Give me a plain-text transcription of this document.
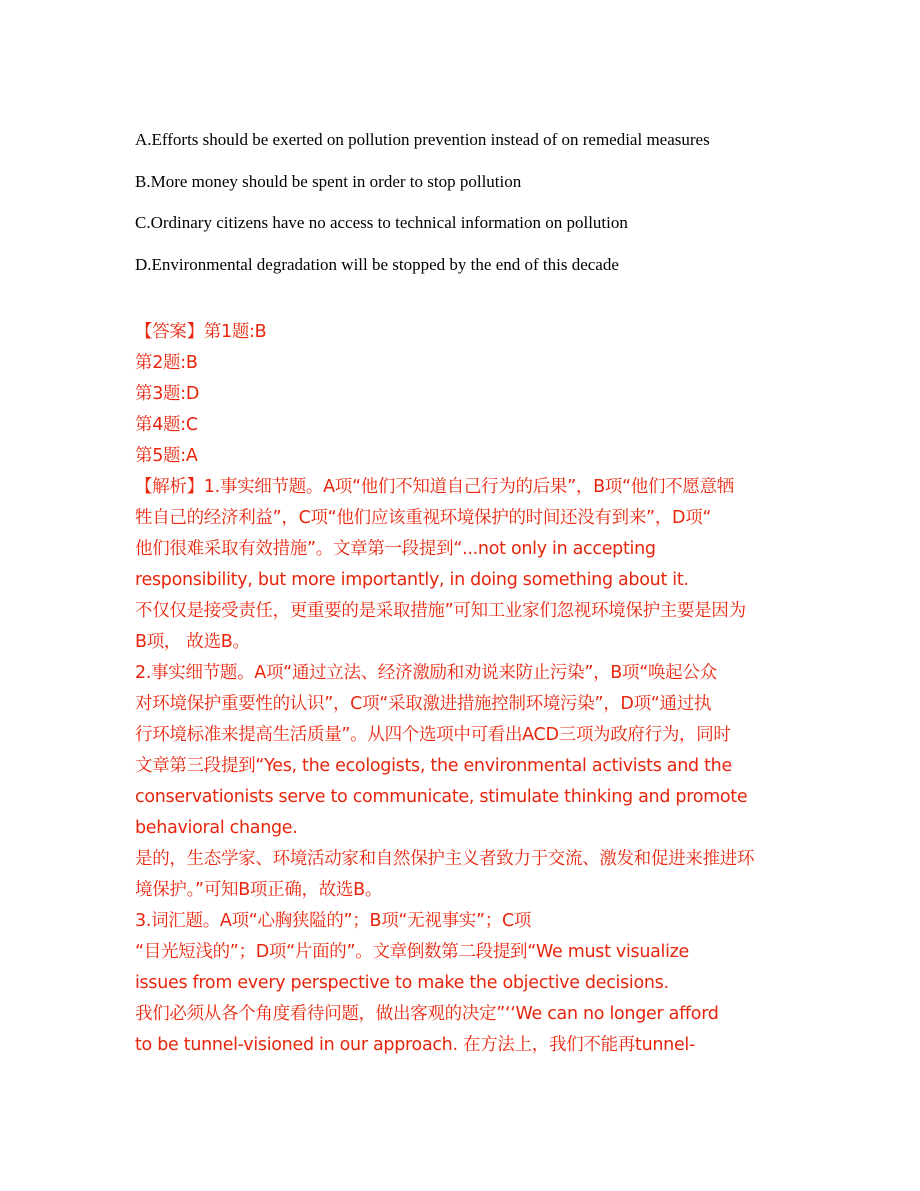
A.Efforts should be exerted on pollution prevention instead of on remedial measures
B.More money should be spent in order to stop pollution
C.Ordinary citizens have no access to technical information on pollution
D.Environmental degradation will be stopped by the end of this decade
【答案】第1题:B
第2题:B
第3题:D
第4题:C
第5题:A
【解析】1.事实细节题。A项“他们不知道自己行为的后果”，B项“他们不愿意牺
牲自己的经济利益”，C项“他们应该重视环境保护的时间还没有到来”，D项“
他们很难采取有效措施”。文章第一段提到“...not only in accepting
responsibility, but more importantly, in doing something about it.
不仅仅是接受责任，更重要的是采取措施”可知工业家们忽视环境保护主要是因为
B项， 故选B。
2.事实细节题。A项“通过立法、经济激励和劝说来防止污染”，B项“唤起公众
对环境保护重要性的认识”，C项“采取激进措施控制环境污染”，D项“通过执
行环境标准来提高生活质量”。从四个选项中可看出ACD三项为政府行为，同时
文章第三段提到“Yes, the ecologists, the environmental activists and the
conservationists serve to communicate, stimulate thinking and promote
behavioral change.
是的，生态学家、环境活动家和自然保护主义者致力于交流、激发和促进来推进环
境保护。”可知B项正确，故选B。
3.词汇题。A项“心胸狭隘的”；B项“无视事实”；C项
“目光短浅的”；D项“片面的”。文章倒数第二段提到“We must visualize
issues from every perspective to make the objective decisions.
我们必须从各个角度看待问题，做出客观的决定”‘‘We can no longer afford
to be tunnel-visioned in our approach. 在方法上，我们不能再tunnel-
